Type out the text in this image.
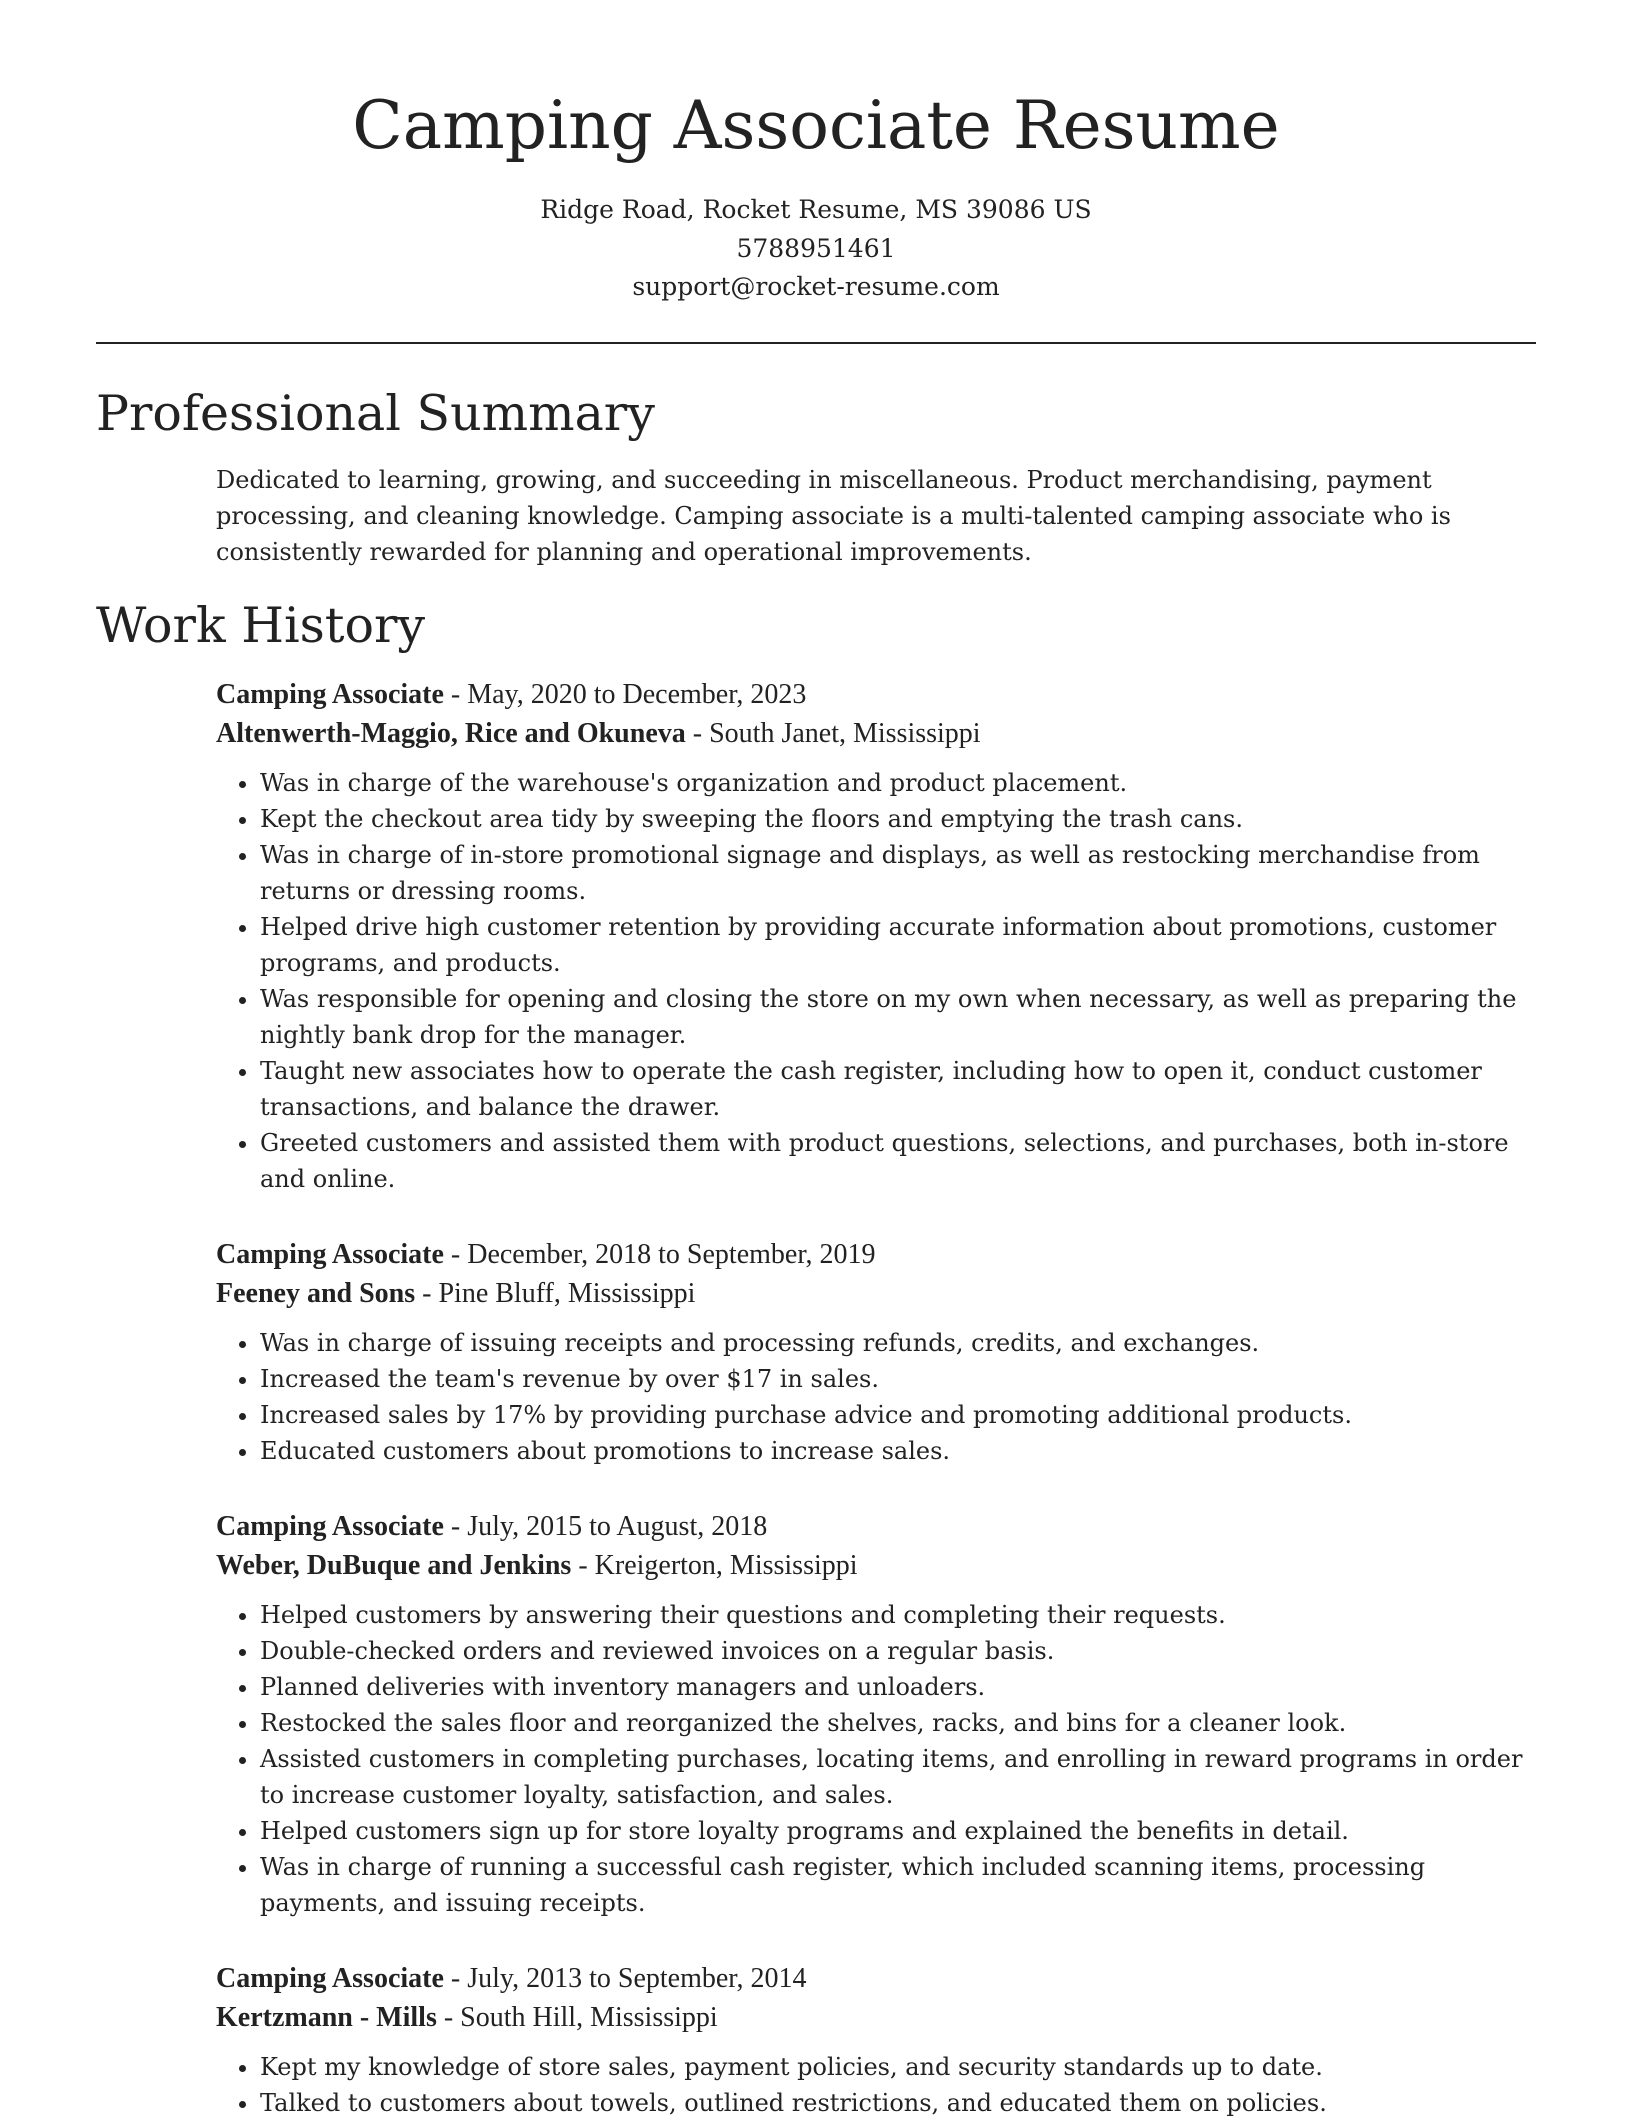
Camping Associate Resume
Ridge Road, Rocket Resume, MS 39086 US
5788951461
support@rocket-resume.com
Professional Summary
Dedicated to learning, growing, and succeeding in miscellaneous. Product merchandising, payment processing, and cleaning knowledge. Camping associate is a multi-talented camping associate who is consistently rewarded for planning and operational improvements.
Work History
Camping Associate - May, 2020 to December, 2023
Altenwerth-Maggio, Rice and Okuneva - South Janet, Mississippi
• Was in charge of the warehouse's organization and product placement.
• Kept the checkout area tidy by sweeping the floors and emptying the trash cans.
• Was in charge of in-store promotional signage and displays, as well as restocking merchandise from returns or dressing rooms.
• Helped drive high customer retention by providing accurate information about promotions, customer programs, and products.
• Was responsible for opening and closing the store on my own when necessary, as well as preparing the nightly bank drop for the manager.
• Taught new associates how to operate the cash register, including how to open it, conduct customer transactions, and balance the drawer.
• Greeted customers and assisted them with product questions, selections, and purchases, both in-store and online.
Camping Associate - December, 2018 to September, 2019
Feeney and Sons - Pine Bluff, Mississippi
• Was in charge of issuing receipts and processing refunds, credits, and exchanges.
• Increased the team's revenue by over $17 in sales.
• Increased sales by 17% by providing purchase advice and promoting additional products.
• Educated customers about promotions to increase sales.
Camping Associate - July, 2015 to August, 2018
Weber, DuBuque and Jenkins - Kreigerton, Mississippi
• Helped customers by answering their questions and completing their requests.
• Double-checked orders and reviewed invoices on a regular basis.
• Planned deliveries with inventory managers and unloaders.
• Restocked the sales floor and reorganized the shelves, racks, and bins for a cleaner look.
• Assisted customers in completing purchases, locating items, and enrolling in reward programs in order to increase customer loyalty, satisfaction, and sales.
• Helped customers sign up for store loyalty programs and explained the benefits in detail.
• Was in charge of running a successful cash register, which included scanning items, processing payments, and issuing receipts.
Camping Associate - July, 2013 to September, 2014
Kertzmann - Mills - South Hill, Mississippi
• Kept my knowledge of store sales, payment policies, and security standards up to date.
• Talked to customers about towels, outlined restrictions, and educated them on policies.
